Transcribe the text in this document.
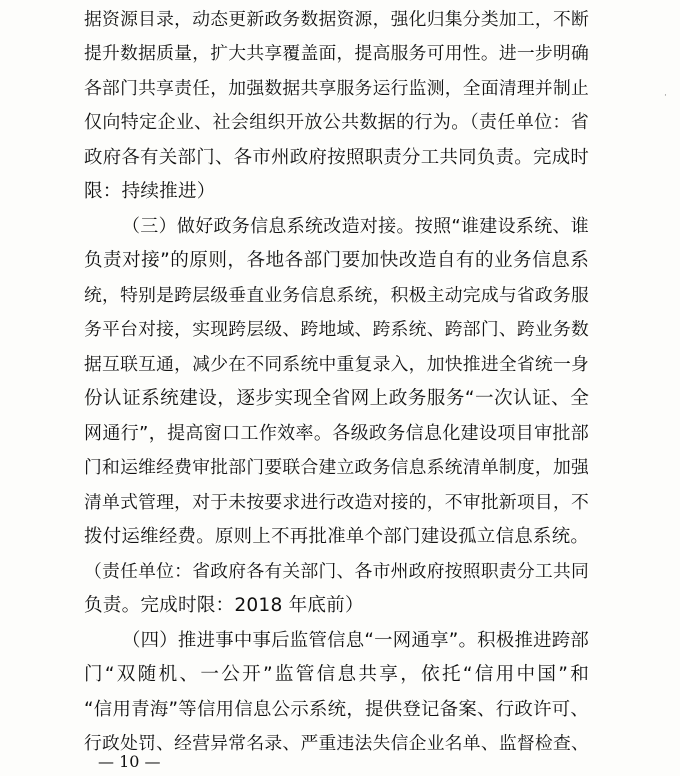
据资源目录，动态更新政务数据资源，强化归集分类加工，不断
提升数据质量，扩大共享覆盖面，提高服务可用性。进一步明确
各部门共享责任，加强数据共享服务运行监测，全面清理并制止
仅向特定企业、社会组织开放公共数据的行为。（责任单位：省
政府各有关部门、各市州政府按照职责分工共同负责。完成时
限：持续推进）
（三）做好政务信息系统改造对接。按照“谁建设系统、谁
负责对接”的原则，各地各部门要加快改造自有的业务信息系
统，特别是跨层级垂直业务信息系统，积极主动完成与省政务服
务平台对接，实现跨层级、跨地域、跨系统、跨部门、跨业务数
据互联互通，减少在不同系统中重复录入，加快推进全省统一身
份认证系统建设，逐步实现全省网上政务服务“一次认证、全
网通行”，提高窗口工作效率。各级政务信息化建设项目审批部
门和运维经费审批部门要联合建立政务信息系统清单制度，加强
清单式管理，对于未按要求进行改造对接的，不审批新项目，不
拨付运维经费。原则上不再批准单个部门建设孤立信息系统。
（责任单位：省政府各有关部门、各市州政府按照职责分工共同
负责。完成时限：2018 年底前）
（四）推进事中事后监管信息“一网通享”。积极推进跨部
门“双随机、一公开”监管信息共享，依托“信用中国”和
“信用青海”等信用信息公示系统，提供登记备案、行政许可、
行政处罚、经营异常名录、严重违法失信企业名单、监督检查、
·
— 10 —
